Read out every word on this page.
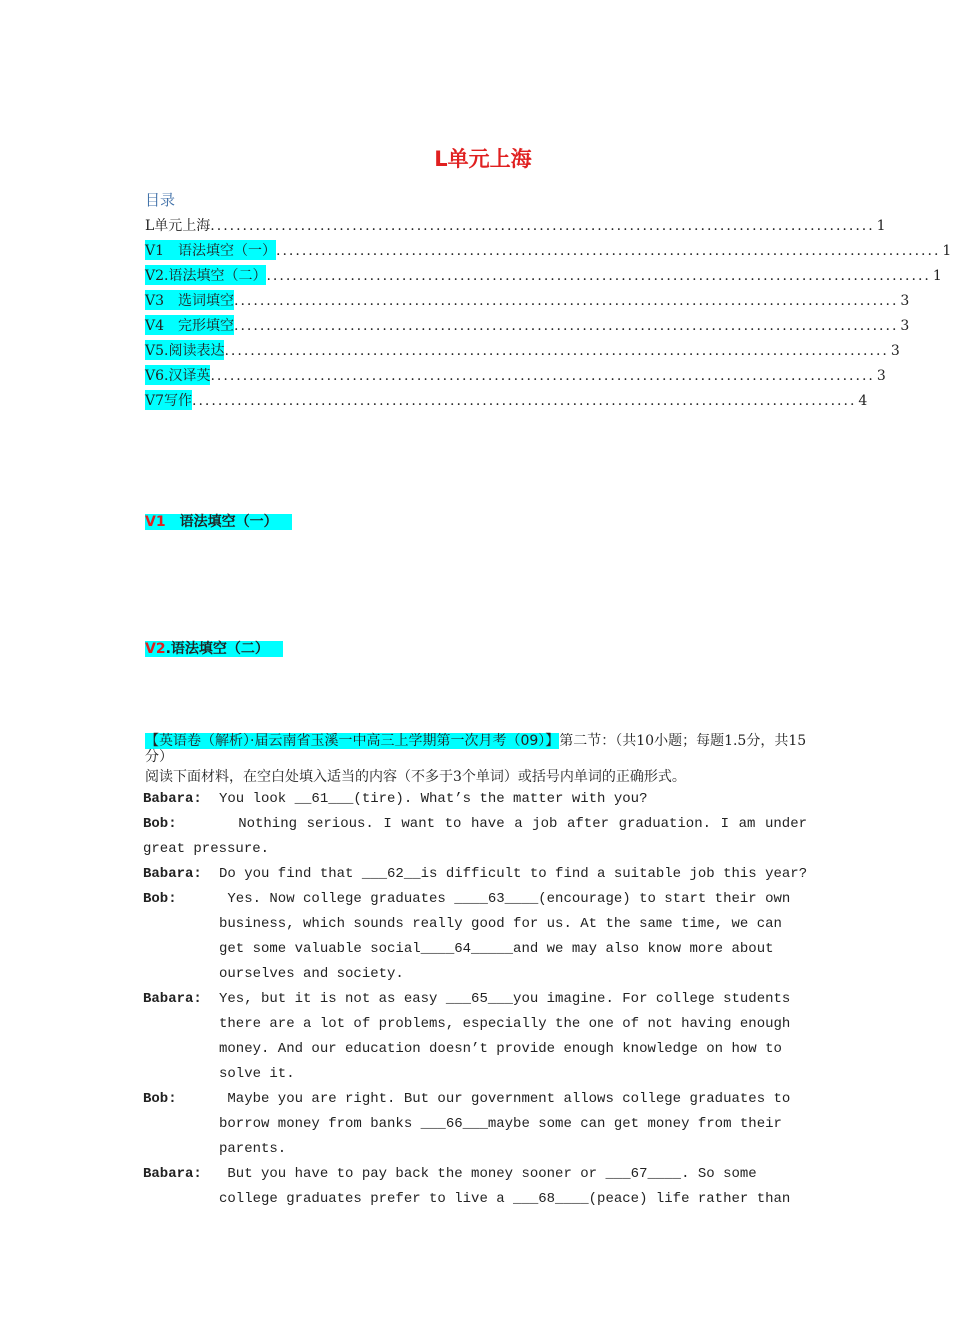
L单元上海
目录
L单元上海 ....................................................................................................... 1
V1　语法填空（一） ....................................................................................................... 1
V2.语法填空（二） ....................................................................................................... 1
V3　选词填空 ....................................................................................................... 3
V4　完形填空 ....................................................................................................... 3
V5.阅读表达 ....................................................................................................... 3
V6.汉译英 ....................................................................................................... 3
V7写作 ....................................................................................................... 4
V1　语法填空（一）
V2.语法填空（二）
【英语卷（解析）·届云南省玉溪一中高三上学期第一次月考（09）】第二节：（共10小题；每题1.5分，共15分）
阅读下面材料，在空白处填入适当的内容（不多于3个单词）或括号内单词的正确形式。
Babara: You look __61___(tire). What’s the matter with you?
Bob:	Nothing serious. I want to have a job after graduation. I am under
great pressure.
Babara: Do you find that ___62__is difficult to find a suitable job this year?
Bob:	Yes. Now college graduates ____63____(encourage) to start their own
business, which sounds really good for us. At the same time, we can
get some valuable social____64_____and we may also know more about
ourselves and society.
Babara: Yes, but it is not as easy ___65___you imagine. For college students
there are a lot of problems, especially the one of not having enough
money. And our education doesn’t provide enough knowledge on how to
solve it.
Bob:	Maybe you are right. But our government allows college graduates to
borrow money from banks ___66___maybe some can get money from their
parents.
Babara: But you have to pay back the money sooner or ___67____. So some
college graduates prefer to live a ___68____(peace) life rather than
